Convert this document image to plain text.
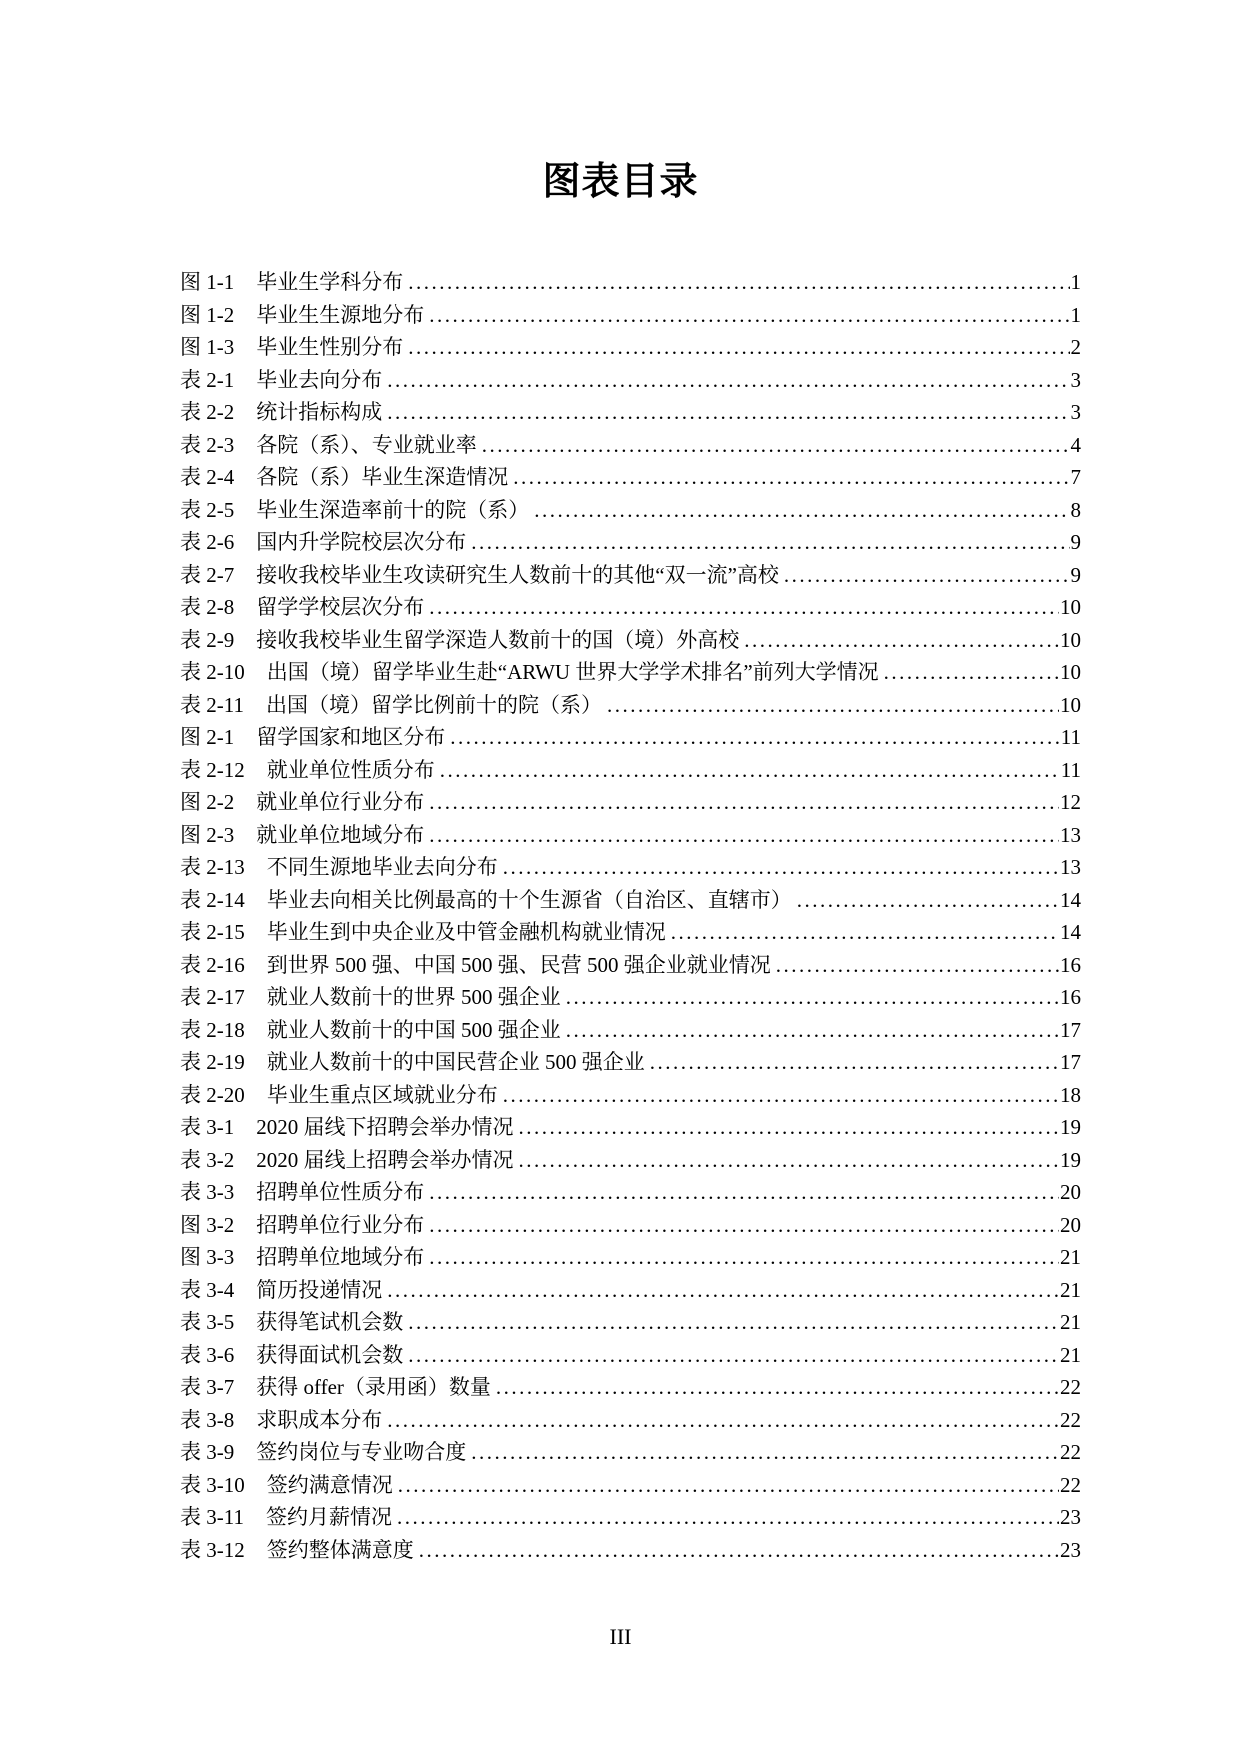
图表目录
图 1-1 毕业生学科分布 .....	1
图 1-2 毕业生生源地分布 .....	1
图 1-3 毕业生性别分布 .....	2
表 2-1 毕业去向分布 .....	3
表 2-2 统计指标构成 .....	3
表 2-3 各院（系）、专业就业率 .....	4
表 2-4 各院（系）毕业生深造情况 .....	7
表 2-5 毕业生深造率前十的院（系） .....	8
表 2-6 国内升学院校层次分布 .....	9
表 2-7 接收我校毕业生攻读研究生人数前十的其他“双一流”高校 .....	9
表 2-8 留学学校层次分布 .....	10
表 2-9 接收我校毕业生留学深造人数前十的国（境）外高校 .....	10
表 2-10 出国（境）留学毕业生赴“ARWU 世界大学学术排名”前列大学情况 .....	10
表 2-11 出国（境）留学比例前十的院（系） .....	10
图 2-1 留学国家和地区分布 .....	11
表 2-12 就业单位性质分布 .....	11
图 2-2 就业单位行业分布 .....	12
图 2-3 就业单位地域分布 .....	13
表 2-13 不同生源地毕业去向分布 .....	13
表 2-14 毕业去向相关比例最高的十个生源省（自治区、直辖市） .....	14
表 2-15 毕业生到中央企业及中管金融机构就业情况 .....	14
表 2-16 到世界 500 强、中国 500 强、民营 500 强企业就业情况 .....	16
表 2-17 就业人数前十的世界 500 强企业 .....	16
表 2-18 就业人数前十的中国 500 强企业 .....	17
表 2-19 就业人数前十的中国民营企业 500 强企业 .....	17
表 2-20 毕业生重点区域就业分布 .....	18
表 3-1 2020 届线下招聘会举办情况 .....	19
表 3-2 2020 届线上招聘会举办情况 .....	19
表 3-3 招聘单位性质分布 .....	20
图 3-2 招聘单位行业分布 .....	20
图 3-3 招聘单位地域分布 .....	21
表 3-4 简历投递情况 .....	21
表 3-5 获得笔试机会数 .....	21
表 3-6 获得面试机会数 .....	21
表 3-7 获得 offer（录用函）数量 .....	22
表 3-8 求职成本分布 .....	22
表 3-9 签约岗位与专业吻合度 .....	22
表 3-10 签约满意情况 .....	22
表 3-11 签约月薪情况 .....	23
表 3-12 签约整体满意度 .....	23
III
